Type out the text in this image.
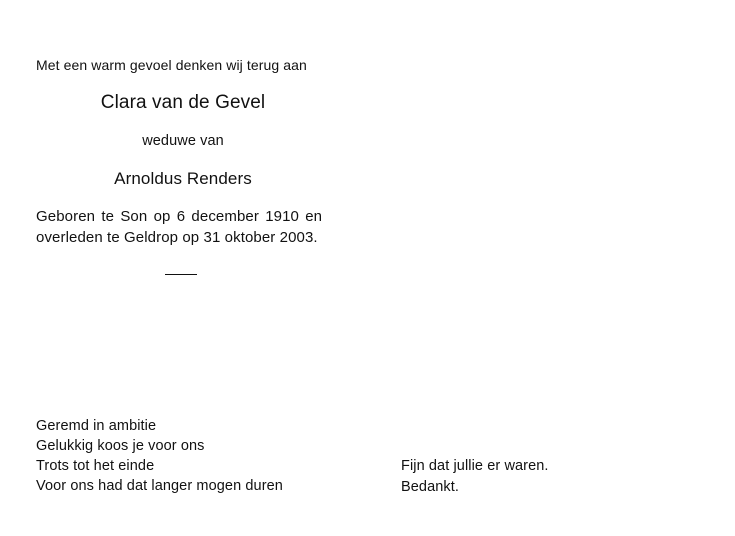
Met een warm gevoel denken wij terug aan
Clara van de Gevel
weduwe van
Arnoldus Renders
Geboren te Son op 6 december 1910 en
overleden te Geldrop op 31 oktober 2003.
Geremd in ambitie
Gelukkig koos je voor ons
Trots tot het einde
Voor ons had dat langer mogen duren
Fijn dat jullie er waren.
Bedankt.
